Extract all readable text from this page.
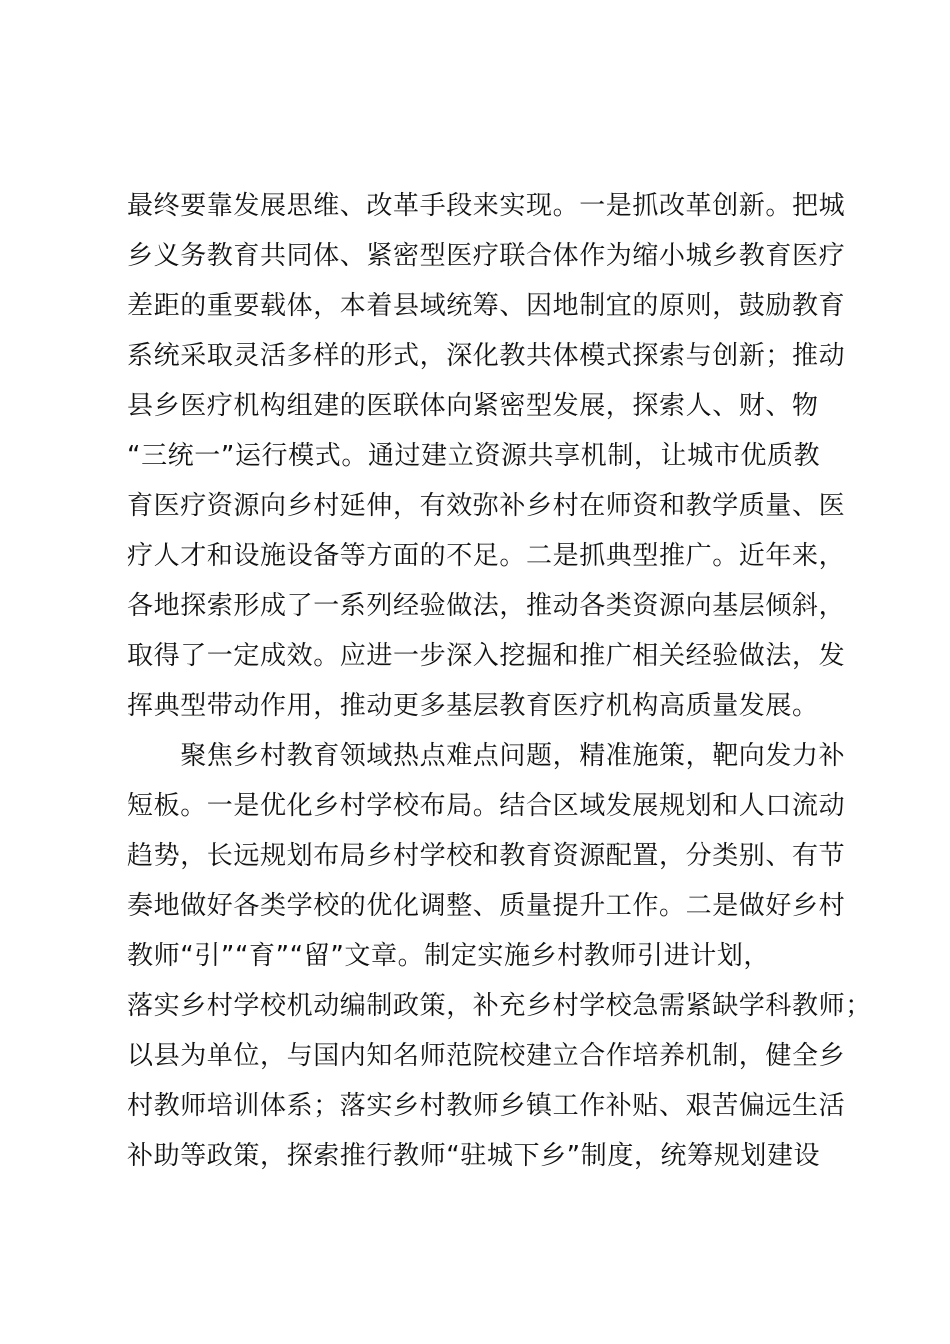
最终要靠发展思维、改革手段来实现。一是抓改革创新。把城
乡义务教育共同体、紧密型医疗联合体作为缩小城乡教育医疗
差距的重要载体，本着县域统筹、因地制宜的原则，鼓励教育
系统采取灵活多样的形式，深化教共体模式探索与创新；推动
县乡医疗机构组建的医联体向紧密型发展，探索人、财、物
“三统一”运行模式。通过建立资源共享机制，让城市优质教
育医疗资源向乡村延伸，有效弥补乡村在师资和教学质量、医
疗人才和设施设备等方面的不足。二是抓典型推广。近年来，
各地探索形成了一系列经验做法，推动各类资源向基层倾斜，
取得了一定成效。应进一步深入挖掘和推广相关经验做法，发
挥典型带动作用，推动更多基层教育医疗机构高质量发展。
　　聚焦乡村教育领域热点难点问题，精准施策，靶向发力补
短板。一是优化乡村学校布局。结合区域发展规划和人口流动
趋势，长远规划布局乡村学校和教育资源配置，分类别、有节
奏地做好各类学校的优化调整、质量提升工作。二是做好乡村
教师“引”“育”“留”文章。制定实施乡村教师引进计划，
落实乡村学校机动编制政策，补充乡村学校急需紧缺学科教师；
以县为单位，与国内知名师范院校建立合作培养机制，健全乡
村教师培训体系；落实乡村教师乡镇工作补贴、艰苦偏远生活
补助等政策，探索推行教师“驻城下乡”制度，统筹规划建设
